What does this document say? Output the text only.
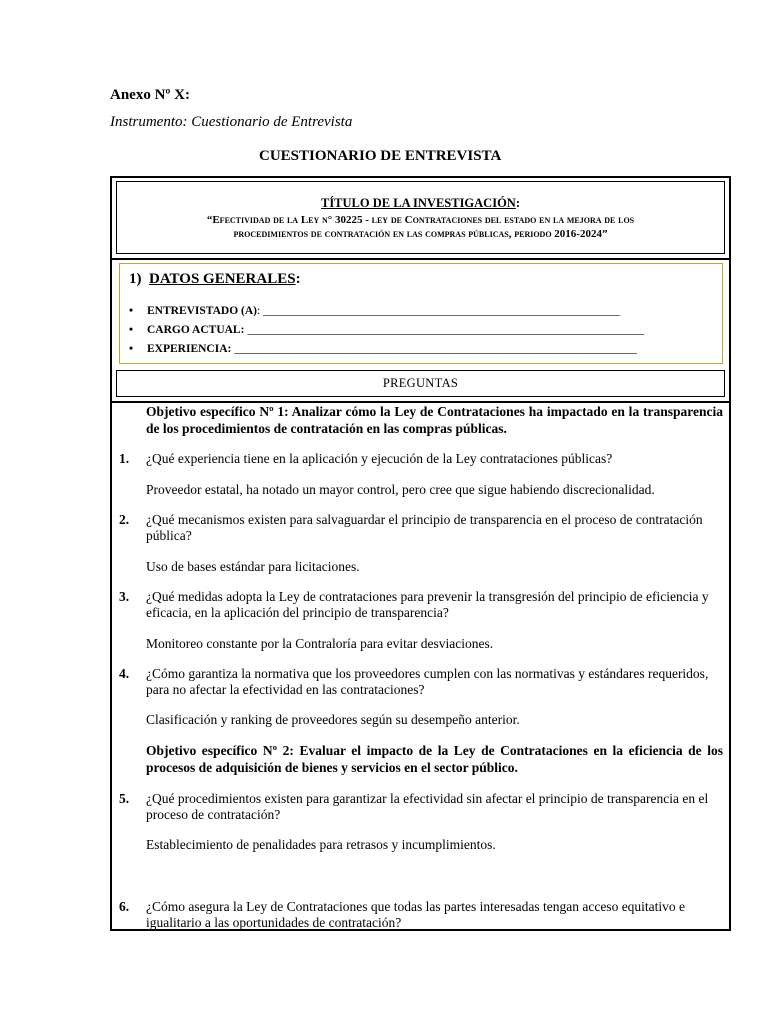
Anexo Nº X:
Instrumento: Cuestionario de Entrevista
CUESTIONARIO DE ENTREVISTA
TÍTULO DE LA INVESTIGACIÓN:
“Efectividad de la Ley n° 30225 - ley de Contrataciones del estado en la mejora de los
procedimientos de contratación en las compras públicas, periodo 2016-2024”
1) DATOS GENERALES:
• ENTREVISTADO (A): ______________________________________________________________
• CARGO ACTUAL: _____________________________________________________________________
• EXPERIENCIA: ______________________________________________________________________
PREGUNTAS
Objetivo específico Nº 1: Analizar cómo la Ley de Contrataciones ha impactado en la transparencia de los procedimientos de contratación en las compras públicas.
1. ¿Qué experiencia tiene en la aplicación y ejecución de la Ley contrataciones públicas?
Proveedor estatal, ha notado un mayor control, pero cree que sigue habiendo discrecionalidad.
2. ¿Qué mecanismos existen para salvaguardar el principio de transparencia en el proceso de contratación pública?
Uso de bases estándar para licitaciones.
3. ¿Qué medidas adopta la Ley de contrataciones para prevenir la transgresión del principio de eficiencia y eficacia, en la aplicación del principio de transparencia?
Monitoreo constante por la Contraloría para evitar desviaciones.
4. ¿Cómo garantiza la normativa que los proveedores cumplen con las normativas y estándares requeridos, para no afectar la efectividad en las contrataciones?
Clasificación y ranking de proveedores según su desempeño anterior.
Objetivo específico Nº 2: Evaluar el impacto de la Ley de Contrataciones en la eficiencia de los procesos de adquisición de bienes y servicios en el sector público.
5. ¿Qué procedimientos existen para garantizar la efectividad sin afectar el principio de transparencia en el proceso de contratación?
Establecimiento de penalidades para retrasos y incumplimientos.
6. ¿Cómo asegura la Ley de Contrataciones que todas las partes interesadas tengan acceso equitativo e igualitario a las oportunidades de contratación?
